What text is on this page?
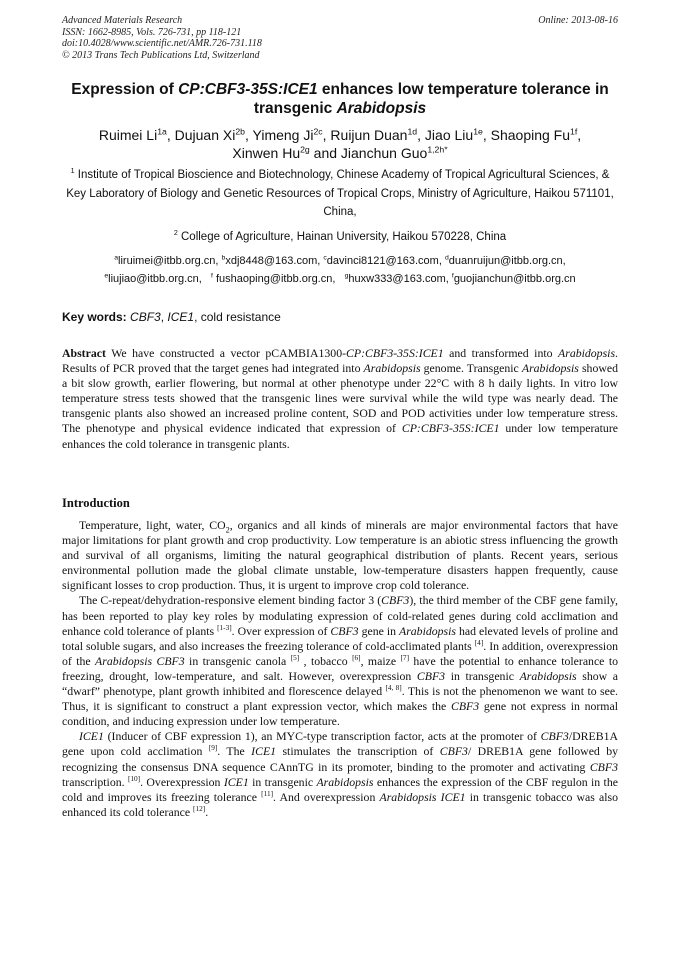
Advanced Materials Research
ISSN: 1662-8985, Vols. 726-731, pp 118-121
doi:10.4028/www.scientific.net/AMR.726-731.118
© 2013 Trans Tech Publications Ltd, Switzerland
Online: 2013-08-16
Expression of CP:CBF3-35S:ICE1 enhances low temperature tolerance in transgenic Arabidopsis
Ruimei $Li^{1a}$, Dujuan $Xi^{2b}$, Yimeng $Ji^{2c}$, Ruijun Duan$^{1d}$, Jiao Liu$^{1e}$, Shaoping $Fu^{1f}$,
Xinwen $Hu^{2g}$ and Jianchun Guo$^{1,2h*}$
$^1$ Institute of Tropical Bioscience and Biotechnology, Chinese Academy of Tropical Agricultural Sciences, & Key Laboratory of Biology and Genetic Resources of Tropical Crops, Ministry of Agriculture, Haikou 571101, China,
$^2$ College of Agriculture, Hainan University, Haikou 570228, China
$^a$liruimei@itbb.org.cn, $^b$xdj8448@163.com, $^c$davinci8121@163.com, $^d$duanruijun@itbb.org.cn,
$^e$liujiao@itbb.org.cn,   $^f$ fushaoping@itbb.org.cn,   $^g$huxw333@163.com, $^f$guojianchun@itbb.org.cn
Key words: CBF3, ICE1, cold resistance
Abstract We have constructed a vector pCAMBIA1300-CP:CBF3-35S:ICE1 and transformed into Arabidopsis. Results of PCR proved that the target genes had integrated into Arabidopsis genome. Transgenic Arabidopsis showed a bit slow growth, earlier flowering, but normal at other phenotype under 22°C with 8 h daily lights. In vitro low temperature stress tests showed that the transgenic lines were survival while the wild type was nearly dead. The transgenic plants also showed an increased proline content, SOD and POD activities under low temperature stress. The phenotype and physical evidence indicated that expression of CP:CBF3-35S:ICE1 under low temperature enhances the cold tolerance in transgenic plants.
Introduction

Temperature, light, water, $CO_2$, organics and all kinds of minerals are major environmental factors that have major limitations for plant growth and crop productivity. Low temperature is an abiotic stress influencing the growth and survival of all organisms, limiting the natural geographical distribution of plants. Recent years, serious environmental pollution made the global climate unstable, low-temperature disasters happen frequently, cause significant losses to crop production. Thus, it is urgent to improve crop cold tolerance.

The C-repeat/dehydration-responsive element binding factor 3 (CBF3), the third member of the CBF gene family, has been reported to play key roles by modulating expression of cold-related genes during cold acclimation and enhance cold tolerance of plants [1-3]. Over expression of CBF3 gene in Arabidopsis had elevated levels of proline and total soluble sugars, and also increases the freezing tolerance of cold-acclimated plants [4]. In addition, overexpression of the Arabidopsis CBF3 in transgenic canola [5] , tobacco [6], maize [7] have the potential to enhance tolerance to freezing, drought, low-temperature, and salt. However, overexpression CBF3 in transgenic Arabidopsis show a “dwarf” phenotype, plant growth inhibited and florescence delayed [4, 8]. This is not the phenomenon we want to see. Thus, it is significant to construct a plant expression vector, which makes the CBF3 gene not express in normal condition, and inducing expression under low temperature.

ICE1 (Inducer of CBF expression 1), an MYC-type transcription factor, acts at the promoter of CBF3/DREB1A gene upon cold acclimation [9]. The ICE1 stimulates the transcription of CBF3/ DREB1A gene followed by recognizing the consensus DNA sequence CAnnTG in its promoter, binding to the promoter and activating CBF3 transcription. [10]. Overexpression ICE1 in transgenic Arabidopsis enhances the expression of the CBF regulon in the cold and improves its freezing tolerance [11]. And overexpression Arabidopsis ICE1 in transgenic tobacco was also enhanced its cold tolerance [12].
